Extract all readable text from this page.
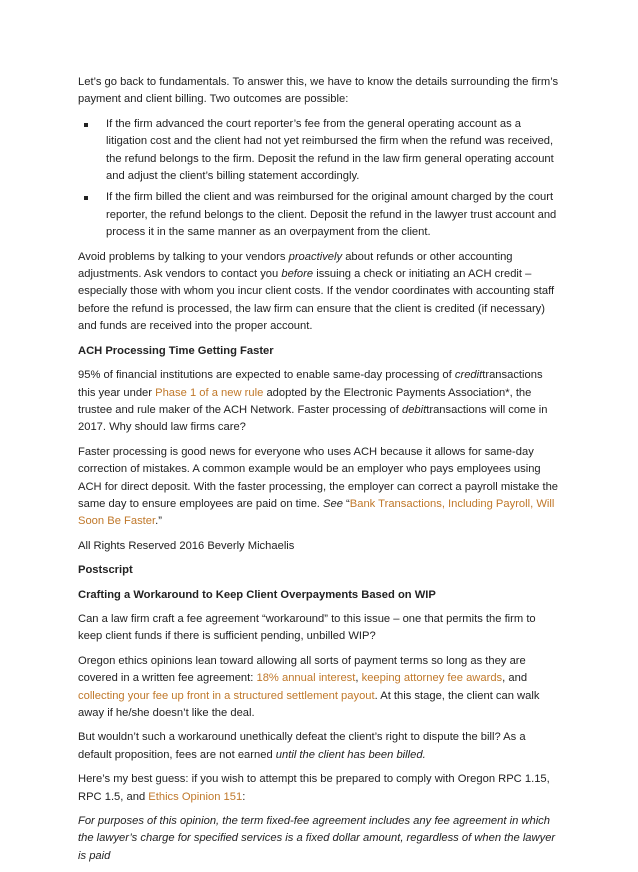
Let’s go back to fundamentals. To answer this, we have to know the details surrounding the firm’s payment and client billing. Two outcomes are possible:

If the firm advanced the court reporter’s fee from the general operating account as a litigation cost and the client had not yet reimbursed the firm when the refund was received, the refund belongs to the firm. Deposit the refund in the law firm general operating account and adjust the client’s billing statement accordingly.
If the firm billed the client and was reimbursed for the original amount charged by the court reporter, the refund belongs to the client. Deposit the refund in the lawyer trust account and process it in the same manner as an overpayment from the client.

Avoid problems by talking to your vendors proactively about refunds or other accounting adjustments. Ask vendors to contact you before issuing a check or initiating an ACH credit – especially those with whom you incur client costs. If the vendor coordinates with accounting staff before the refund is processed, the law firm can ensure that the client is credited (if necessary) and funds are received into the proper account.

ACH Processing Time Getting Faster

95% of financial institutions are expected to enable same-day processing of credittransactions this year under Phase 1 of a new rule adopted by the Electronic Payments Association*, the trustee and rule maker of the ACH Network. Faster processing of debittransactions will come in 2017. Why should law firms care?

Faster processing is good news for everyone who uses ACH because it allows for same-day correction of mistakes. A common example would be an employer who pays employees using ACH for direct deposit. With the faster processing, the employer can correct a payroll mistake the same day to ensure employees are paid on time. See “Bank Transactions, Including Payroll, Will Soon Be Faster.”

All Rights Reserved 2016 Beverly Michaelis

Postscript

Crafting a Workaround to Keep Client Overpayments Based on WIP

Can a law firm craft a fee agreement “workaround” to this issue – one that permits the firm to keep client funds if there is sufficient pending, unbilled WIP?

Oregon ethics opinions lean toward allowing all sorts of payment terms so long as they are covered in a written fee agreement: 18% annual interest, keeping attorney fee awards, and collecting your fee up front in a structured settlement payout. At this stage, the client can walk away if he/she doesn’t like the deal.

But wouldn’t such a workaround unethically defeat the client’s right to dispute the bill? As a default proposition, fees are not earned until the client has been billed.

Here’s my best guess: if you wish to attempt this be prepared to comply with Oregon RPC 1.15, RPC 1.5, and Ethics Opinion 151:

For purposes of this opinion, the term fixed-fee agreement includes any fee agreement in which the lawyer’s charge for specified services is a fixed dollar amount, regardless of when the lawyer is paid
